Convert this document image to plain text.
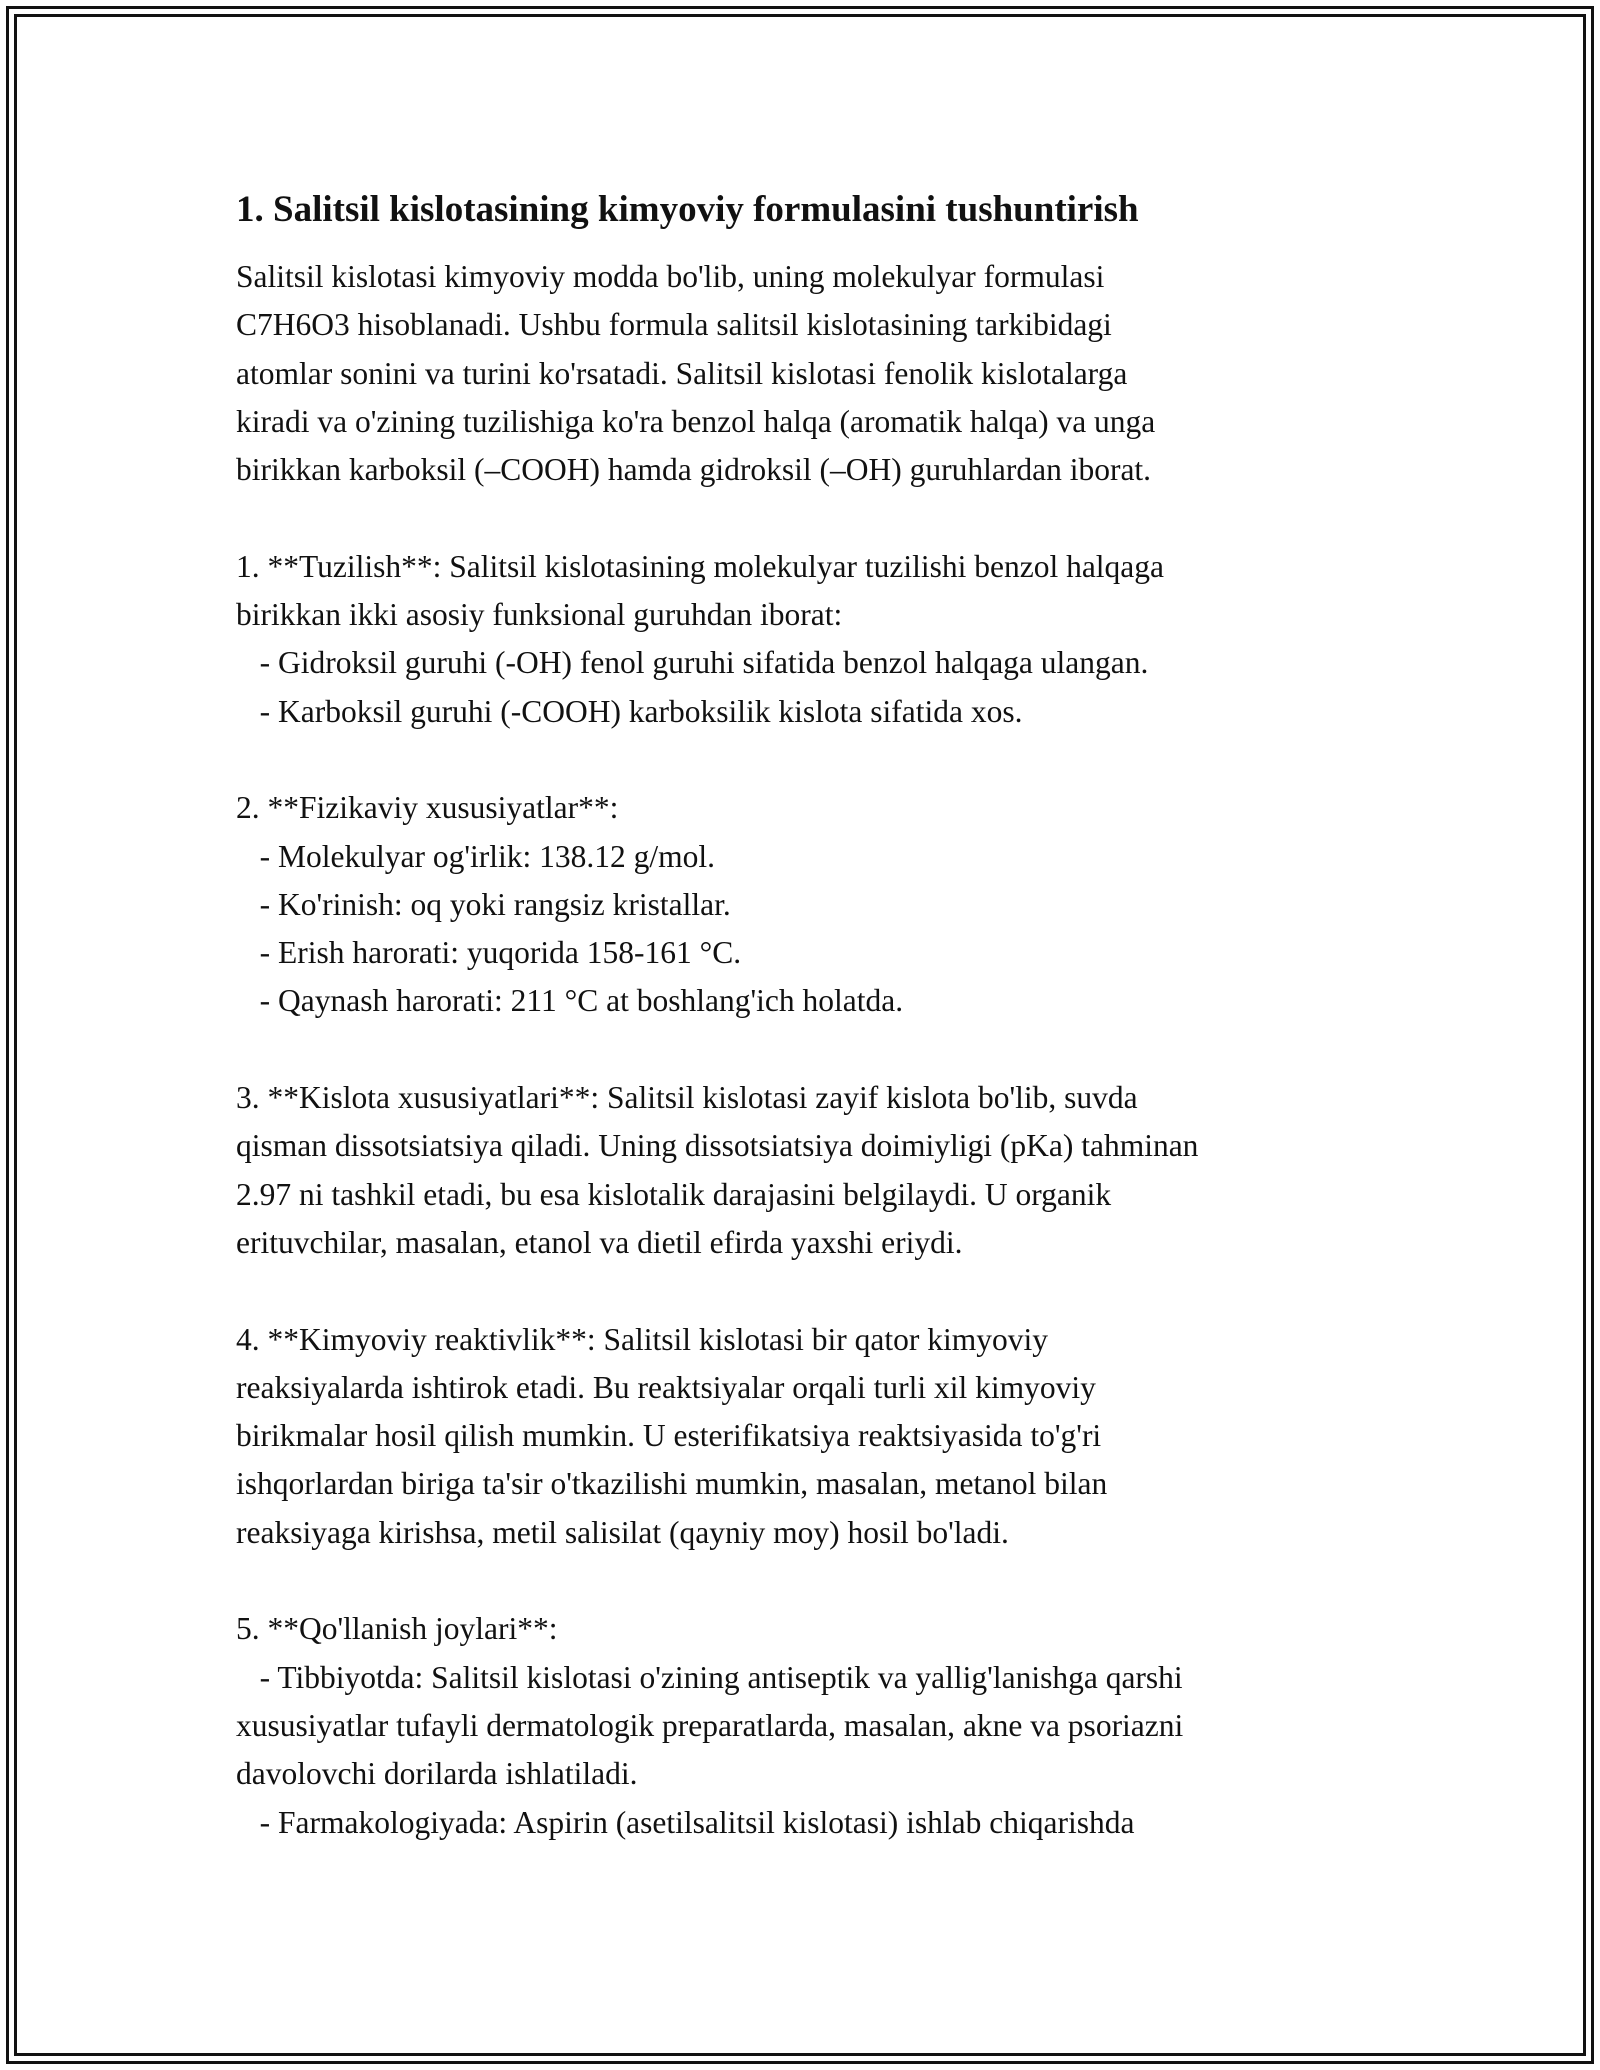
1. Salitsil kislotasining kimyoviy formulasini tushuntirish
Salitsil kislotasi kimyoviy modda bo'lib, uning molekulyar formulasi
C7H6O3 hisoblanadi. Ushbu formula salitsil kislotasining tarkibidagi
atomlar sonini va turini ko'rsatadi. Salitsil kislotasi fenolik kislotalarga
kiradi va o'zining tuzilishiga ko'ra benzol halqa (aromatik halqa) va unga
birikkan karboksil (–COOH) hamda gidroksil (–OH) guruhlardan iborat.
1. **Tuzilish**: Salitsil kislotasining molekulyar tuzilishi benzol halqaga
birikkan ikki asosiy funksional guruhdan iborat:
- Gidroksil guruhi (-OH) fenol guruhi sifatida benzol halqaga ulangan.
- Karboksil guruhi (-COOH) karboksilik kislota sifatida xos.
2. **Fizikaviy xususiyatlar**:
- Molekulyar og'irlik: 138.12 g/mol.
- Ko'rinish: oq yoki rangsiz kristallar.
- Erish harorati: yuqorida 158-161 °C.
- Qaynash harorati: 211 °C at boshlang'ich holatda.
3. **Kislota xususiyatlari**: Salitsil kislotasi zayif kislota bo'lib, suvda
qisman dissotsiatsiya qiladi. Uning dissotsiatsiya doimiyligi (pKa) tahminan
2.97 ni tashkil etadi, bu esa kislotalik darajasini belgilaydi. U organik
erituvchilar, masalan, etanol va dietil efirda yaxshi eriydi.
4. **Kimyoviy reaktivlik**: Salitsil kislotasi bir qator kimyoviy
reaksiyalarda ishtirok etadi. Bu reaktsiyalar orqali turli xil kimyoviy
birikmalar hosil qilish mumkin. U esterifikatsiya reaktsiyasida to'g'ri
ishqorlardan biriga ta'sir o'tkazilishi mumkin, masalan, metanol bilan
reaksiyaga kirishsa, metil salisilat (qayniy moy) hosil bo'ladi.
5. **Qo'llanish joylari**:
- Tibbiyotda: Salitsil kislotasi o'zining antiseptik va yallig'lanishga qarshi
xususiyatlar tufayli dermatologik preparatlarda, masalan, akne va psoriazni
davolovchi dorilarda ishlatiladi.
- Farmakologiyada: Aspirin (asetilsalitsil kislotasi) ishlab chiqarishda
